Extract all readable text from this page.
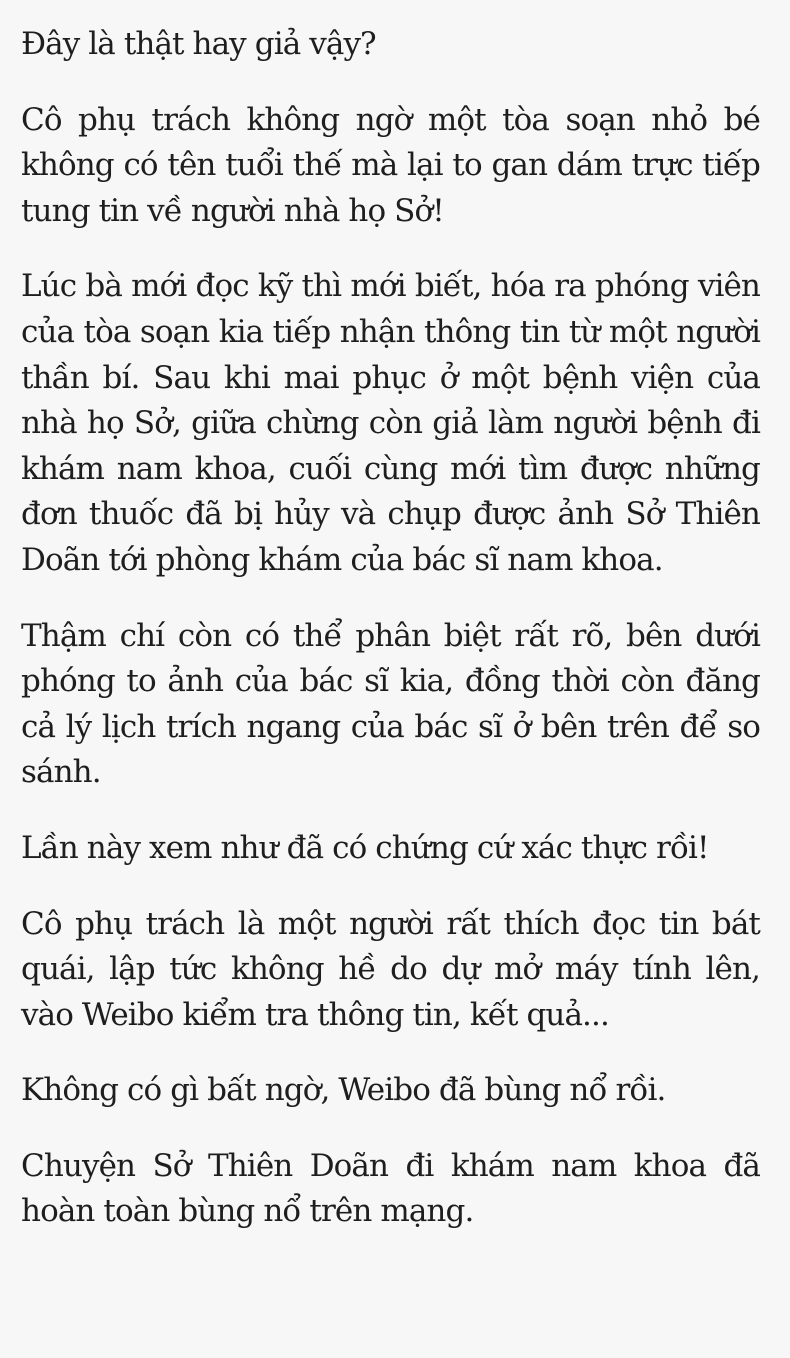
Đây là thật hay giả vậy?

Cô phụ trách không ngờ một tòa soạn nhỏ bé không có tên tuổi thế mà lại to gan dám trực tiếp tung tin về người nhà họ Sở!

Lúc bà mới đọc kỹ thì mới biết, hóa ra phóng viên của tòa soạn kia tiếp nhận thông tin từ một người thần bí. Sau khi mai phục ở một bệnh viện của nhà họ Sở, giữa chừng còn giả làm người bệnh đi khám nam khoa, cuối cùng mới tìm được những đơn thuốc đã bị hủy và chụp được ảnh Sở Thiên Doãn tới phòng khám của bác sĩ nam khoa.

Thậm chí còn có thể phân biệt rất rõ, bên dưới phóng to ảnh của bác sĩ kia, đồng thời còn đăng cả lý lịch trích ngang của bác sĩ ở bên trên để so sánh.

Lần này xem như đã có chứng cứ xác thực rồi!

Cô phụ trách là một người rất thích đọc tin bát quái, lập tức không hề do dự mở máy tính lên, vào Weibo kiểm tra thông tin, kết quả...

Không có gì bất ngờ, Weibo đã bùng nổ rồi.

Chuyện Sở Thiên Doãn đi khám nam khoa đã hoàn toàn bùng nổ trên mạng.
